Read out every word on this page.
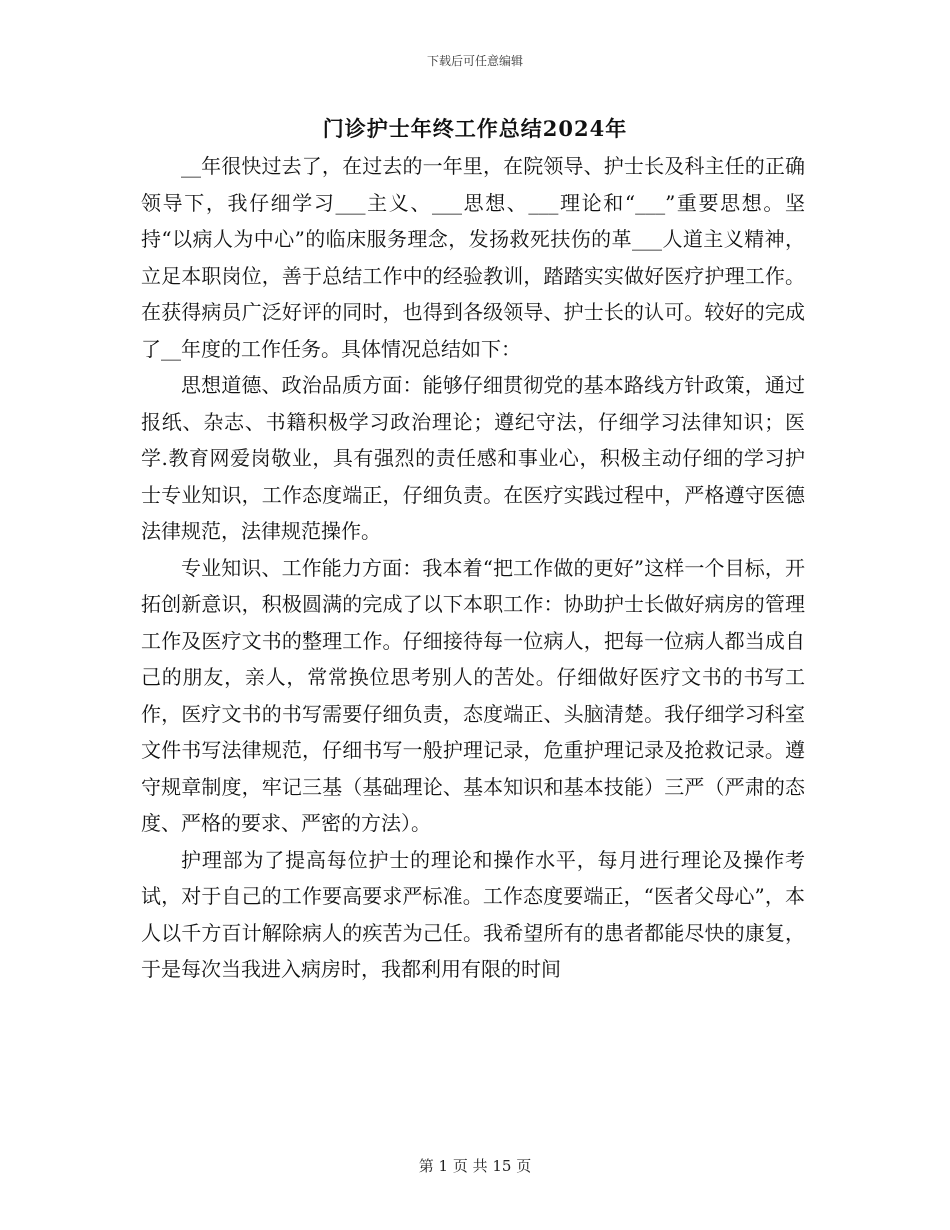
下载后可任意编辑
门诊护士年终工作总结2024年

__年很快过去了，在过去的一年里，在院领导、护士长及科主任的正确领导下，我仔细学习___主义、___思想、___理论和“___”重要思想。坚持“以病人为中心”的临床服务理念，发扬救死扶伤的革___人道主义精神，立足本职岗位，善于总结工作中的经验教训，踏踏实实做好医疗护理工作。在获得病员广泛好评的同时，也得到各级领导、护士长的认可。较好的完成了__年度的工作任务。具体情况总结如下：

思想道德、政治品质方面：能够仔细贯彻党的基本路线方针政策，通过报纸、杂志、书籍积极学习政治理论；遵纪守法，仔细学习法律知识；医学.教育网爱岗敬业，具有强烈的责任感和事业心，积极主动仔细的学习护士专业知识，工作态度端正，仔细负责。在医疗实践过程中，严格遵守医德法律规范，法律规范操作。

专业知识、工作能力方面：我本着“把工作做的更好”这样一个目标，开拓创新意识，积极圆满的完成了以下本职工作：协助护士长做好病房的管理工作及医疗文书的整理工作。仔细接待每一位病人，把每一位病人都当成自己的朋友，亲人，常常换位思考别人的苦处。仔细做好医疗文书的书写工作，医疗文书的书写需要仔细负责，态度端正、头脑清楚。我仔细学习科室文件书写法律规范，仔细书写一般护理记录，危重护理记录及抢救记录。遵守规章制度，牢记三基（基础理论、基本知识和基本技能）三严（严肃的态度、严格的要求、严密的方法）。

护理部为了提高每位护士的理论和操作水平，每月进行理论及操作考试，对于自己的工作要高要求严标准。工作态度要端正，“医者父母心”，本人以千方百计解除病人的疾苦为己任。我希望所有的患者都能尽快的康复，于是每次当我进入病房时，我都利用有限的时间

第 1 页 共 15 页
